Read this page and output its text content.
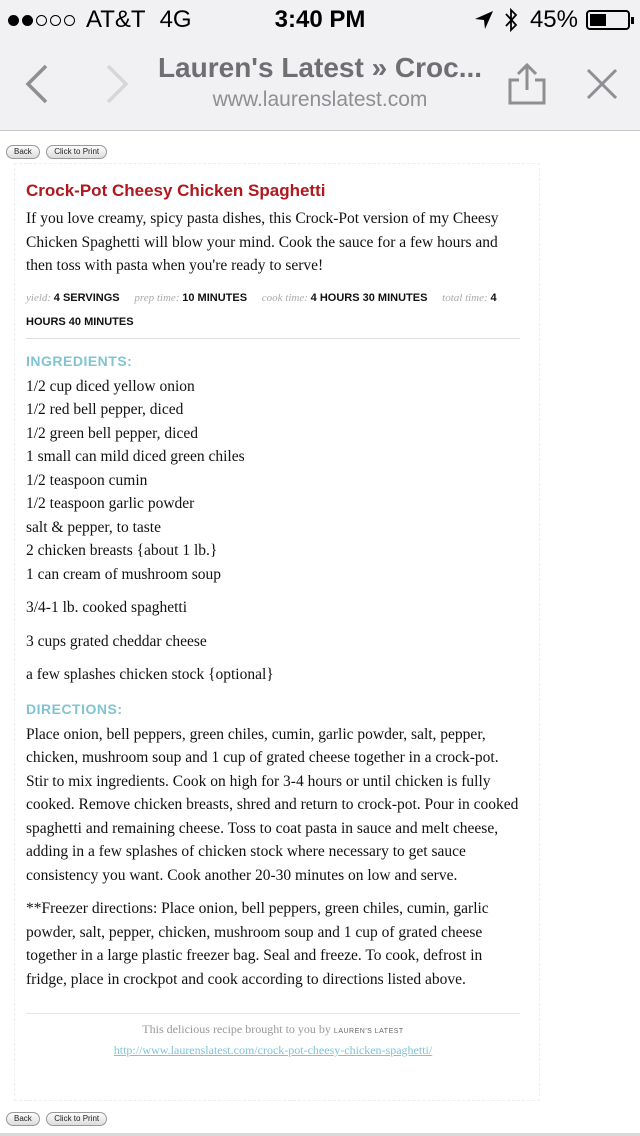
AT&T 4G	3:40 PM	45%
Lauren's Latest » Croc...
www.laurenslatest.com
Back	Click to Print
Crock-Pot Cheesy Chicken Spaghetti

If you love creamy, spicy pasta dishes, this Crock-Pot version of my Cheesy Chicken Spaghetti will blow your mind. Cook the sauce for a few hours and then toss with pasta when you're ready to serve!

yield: 4 SERVINGS prep time: 10 MINUTES cook time: 4 HOURS 30 MINUTES total time: 4 HOURS 40 MINUTES
INGREDIENTS:
1/2 cup diced yellow onion
1/2 red bell pepper, diced
1/2 green bell pepper, diced
1 small can mild diced green chiles
1/2 teaspoon cumin
1/2 teaspoon garlic powder
salt & pepper, to taste
2 chicken breasts {about 1 lb.}
1 can cream of mushroom soup
3/4-1 lb. cooked spaghetti
3 cups grated cheddar cheese
a few splashes chicken stock {optional}
DIRECTIONS:

Place onion, bell peppers, green chiles, cumin, garlic powder, salt, pepper, chicken, mushroom soup and 1 cup of grated cheese together in a crock-pot. Stir to mix ingredients. Cook on high for 3-4 hours or until chicken is fully cooked. Remove chicken breasts, shred and return to crock-pot. Pour in cooked spaghetti and remaining cheese. Toss to coat pasta in sauce and melt cheese, adding in a few splashes of chicken stock where necessary to get sauce consistency you want. Cook another 20-30 minutes on low and serve.

**Freezer directions: Place onion, bell peppers, green chiles, cumin, garlic powder, salt, pepper, chicken, mushroom soup and 1 cup of grated cheese together in a large plastic freezer bag. Seal and freeze. To cook, defrost in fridge, place in crockpot and cook according to directions listed above.

This delicious recipe brought to you by LAUREN'S LATEST
http://www.laurenslatest.com/crock-pot-cheesy-chicken-spaghetti/
Back	Click to Print
